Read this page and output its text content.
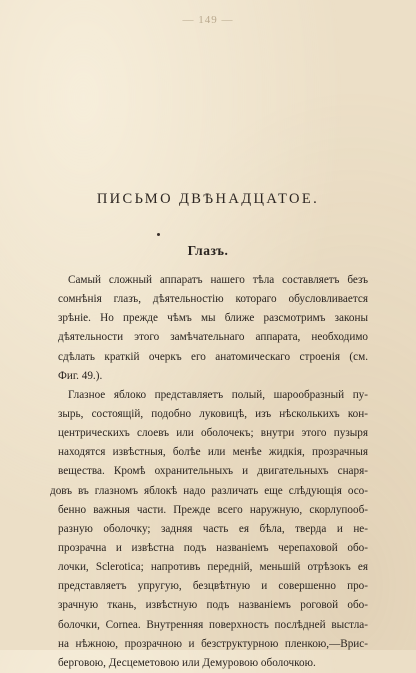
— 149 —
ПИСЬМО ДВѢНАДЦАТОЕ.
Глазъ.
Самый сложный аппаратъ нашего тѣла составляетъ безъ
сомнѣнія глазъ, дѣятельностію котораго обусловливается
зрѣніе. Но прежде чѣмъ мы ближе разсмотримъ законы
дѣятельности этого замѣчательнаго аппарата, необходимо
сдѣлать краткій очеркъ его анатомическаго строенія (см.
Фиг. 49.).
Глазное яблоко представляетъ полый, шарообразный пу-
зырь, состоящій, подобно луковицѣ, изъ нѣсколькихъ кон-
центрическихъ слоевъ или оболочекъ; внутри этого пузыря
находятся извѣстныя, болѣе или менѣе жидкія, прозрачныя
вещества. Кромѣ охранительныхъ и двигательныхъ снаря-
довъ въ глазномъ яблокѣ надо различать еще слѣдующія осо-
бенно важныя части. Прежде всего наружную, скорлупооб-
разную оболочку; задняя часть ея бѣла, тверда и не-
прозрачна и извѣстна подъ названіемъ черепаховой обо-
лочки, Sclerotica; напротивъ передній, меньшій отрѣзокъ ея
представляетъ упругую, безцвѣтную и совершенно про-
зрачную ткань, извѣстную подъ названіемъ роговой обо-
болочки, Cornea. Внутренняя поверхность послѣдней выстла-
на нѣжною, прозрачною и безструктурною пленкою,—Врис-
берговою, Десцеметовою или Демуровою оболочкою.
